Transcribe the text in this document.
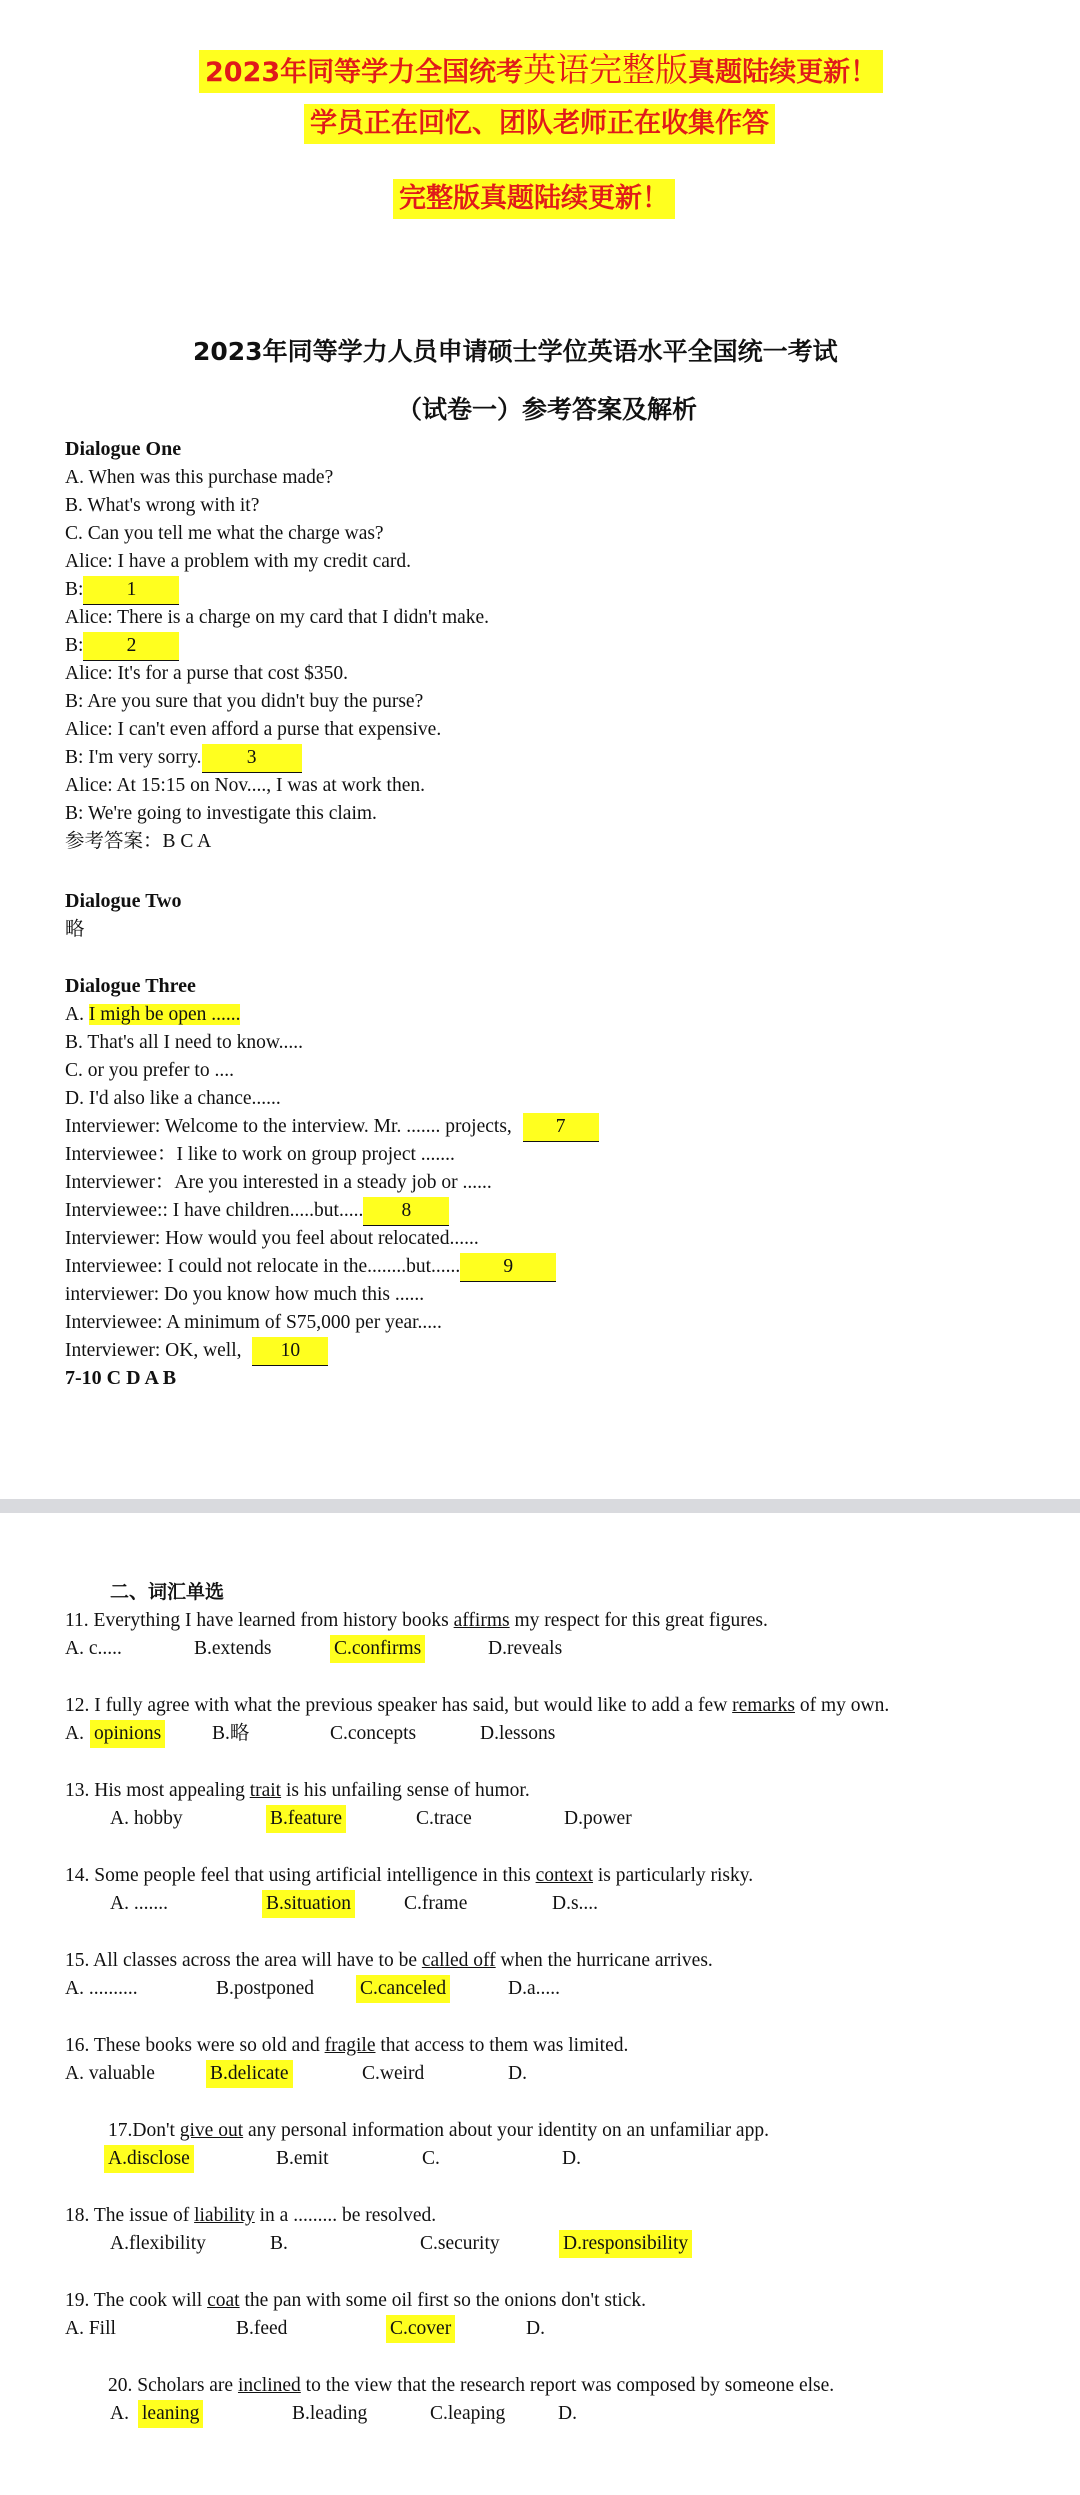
2023年同等学力全国统考英语完整版真题陆续更新！
学员正在回忆、团队老师正在收集作答
完整版真题陆续更新！
2023年同等学力人员申请硕士学位英语水平全国统一考试
（试卷一）参考答案及解析
Dialogue One
A. When was this purchase made?
B. What's wrong with it?
C. Can you tell me what the charge was?
Alice: I have a problem with my credit card.
B: 1
Alice: There is a charge on my card that I didn't make.
B: 2
Alice: It's for a purse that cost $350.
B: Are you sure that you didn't buy the purse?
Alice: I can't even afford a purse that expensive.
B: I'm very sorry. 3
Alice: At 15:15 on Nov...., I was at work then.
B: We're going to investigate this claim.
参考答案：B C A
Dialogue Two
略
Dialogue Three
A. I migh be open ......
B. That's all I need to know.....
C. or you prefer to ....
D. I'd also like a chance......
Interviewer: Welcome to the interview. Mr. ....... projects, 7
Interviewee：I like to work on group project .......
Interviewer：Are you interested in a steady job or ......
Interviewee:: I have children.....but..... 8
Interviewer: How would you feel about relocated......
Interviewee: I could not relocate in the........but...... 9
interviewer: Do you know how much this ......
Interviewee: A minimum of S75,000 per year.....
Interviewer: OK, well, 10
7-10 C D A B
二、词汇单选
11. Everything I have learned from history books affirms my respect for this great figures.
A. c.....	B.extends	C.confirms	D.reveals
12. I fully agree with what the previous speaker has said, but would like to add a few remarks of my own.
A. opinions	B.略	C.concepts	D.lessons
13. His most appealing trait is his unfailing sense of humor.
A. hobby	B.feature	C.trace	D.power
14. Some people feel that using artificial intelligence in this context is particularly risky.
A. .......	B.situation	C.frame	D.s....
15. All classes across the area will have to be called off when the hurricane arrives.
A. ..........	B.postponed C.canceled	D.a.....
16. These books were so old and fragile that access to them was limited.
A. valuable	B.delicate	C.weird	D.
17.Don't give out any personal information about your identity on an unfamiliar app.
A.disclose	B.emit	C.	D.
18. The issue of liability in a ......... be resolved.
A.flexibility	B.	C.security	D.responsibility
19. The cook will coat the pan with some oil first so the onions don't stick.
A. Fill	B.feed	C.cover	D.
20. Scholars are inclined to the view that the research report was composed by someone else.
A. leaning	B.leading	C.leaping	D.
